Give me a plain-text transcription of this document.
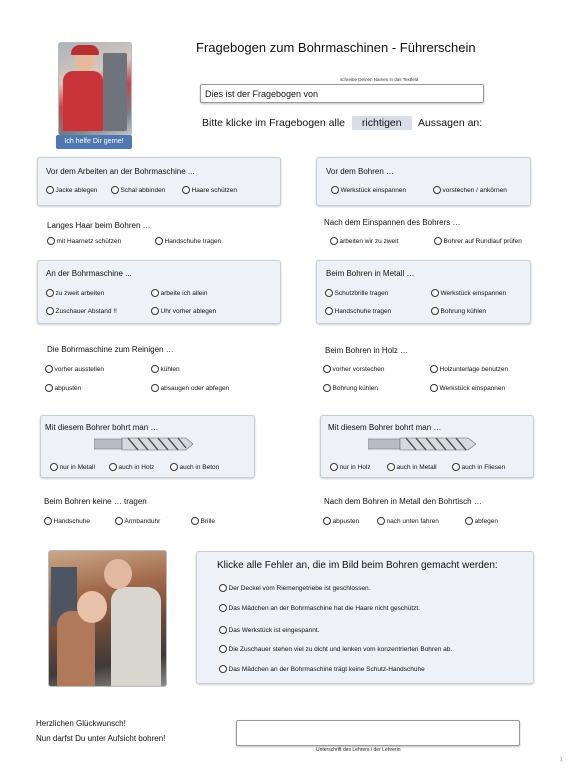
Fragebogen zum Bohrmaschinen - Führerschein
Ich helfe Dir gerne!
schreibe Deinen Namen in das Textfeld
Dies ist der Fragebogen von
Bitte klicke im Fragebogen alle richtigen Aussagen an:
Vor dem Arbeiten an der Bohrmaschine ...
Jacke ablegen	Schal abbinden	Haare schützen
Vor dem Bohren …
Werkstück einspannen	vorstechen / ankörnen
Langes Haar beim Bohren …
mit Haarnetz schützen	Handschuhe tragen
Nach dem Einspannen des Bohrers …
arbeiten wir zu zweit	Bohrer auf Rundlauf prüfen
An der Bohrmaschine ...
zu zweit arbeiten	arbeite ich allein
Zuschauer Abstand !!	Uhr vorher ablegen
Beim Bohren in Metall …
Schutzbrille tragen	Werkstück einspannen
Handschuhe tragen	Bohrung kühlen
Die Bohrmaschine zum Reinigen …
vorher ausstellen	kühlen
abpusten	absaugen oder abfegen
Beim Bohren in Holz …
vorher vorstechen	Holzunterlage benutzen
Bohrung kühlen	Werkstück einspannen
Mit diesem Bohrer bohrt man …
nur in Metall	auch in Holz	auch in Beton
Mit diesem Bohrer bohrt man …
nur in Holz	auch in Metall	auch in Fliesen
Beim Bohren keine … tragen
Handschuhe	Armbanduhr	Brille
Nach dem Bohren in Metall den Bohrtisch …
abpusten	nach unten fahren	abfegen
Klicke alle Fehler an, die im Bild beim Bohren gemacht werden:
Der Deckel vom Riemengetriebe ist geschlossen.
Das Mädchen an der Bohrmaschine hat die Haare nicht geschützt.
Das Werkstück ist eingespannt.
Die Zuschauer stehen viel zu dicht und lenken vom konzentrierten Bohren ab.
Das Mädchen an der Bohrmaschine trägt keine Schutz-Handschuhe
Herzlichen Glückwunsch!
Nun darfst Du unter Aufsicht bohren!
Unterschrift des Lehrers / der Lehrerin
1
